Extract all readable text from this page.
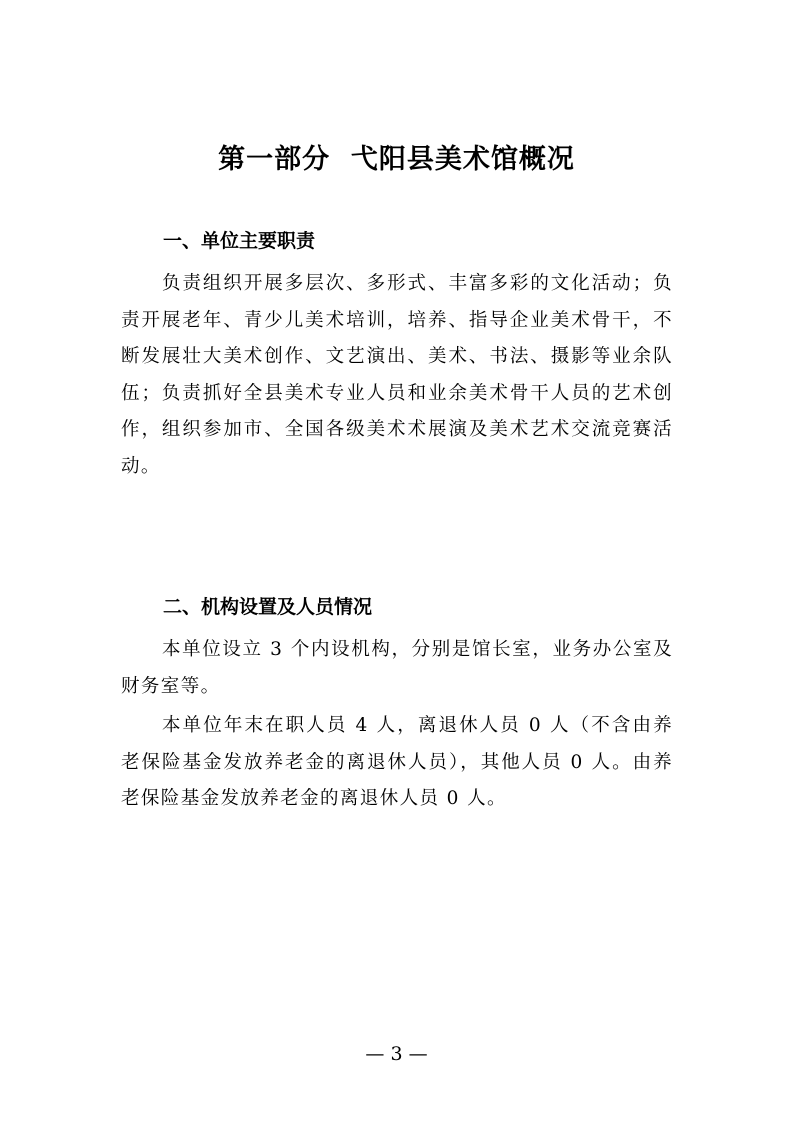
第一部分  弋阳县美术馆概况
一、单位主要职责

负责组织开展多层次、多形式、丰富多彩的文化活动；负责开展老年、青少儿美术培训，培养、指导企业美术骨干，不断发展壮大美术创作、文艺演出、美术、书法、摄影等业余队伍；负责抓好全县美术专业人员和业余美术骨干人员的艺术创作，组织参加市、全国各级美术术展演及美术艺术交流竞赛活动。

二、机构设置及人员情况

本单位设立 3 个内设机构，分别是馆长室，业务办公室及财务室等。

本单位年末在职人员 4 人，离退休人员 0 人（不含由养老保险基金发放养老金的离退休人员），其他人员 0 人。由养老保险基金发放养老金的离退休人员 0 人。

— 3 —
